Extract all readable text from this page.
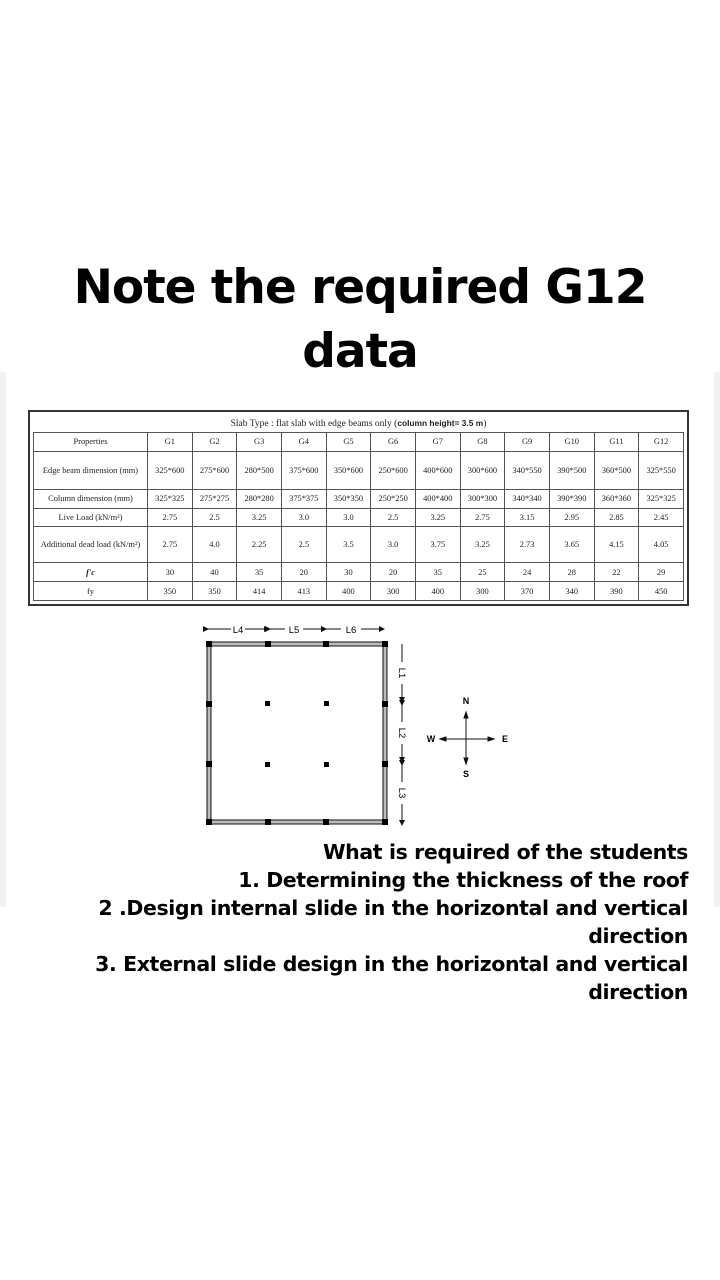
Note the required G12
data
Slab Type : flat slab with edge beams only (column height= 3.5 m)												
Properties	G1	G2	G3	G4	G5	G6	G7	G8	G9	G10	G11	G12
Edge beam dimension (mm)	325*600	275*600	280*500	375*600	350*600	250*600	400*600	300*600	340*550	390*500	360*500	325*550
Column dimension (mm)	325*325	275*275	280*280	375*375	350*350	250*250	400*400	300*300	340*340	390*390	360*360	325*325
Live Load (kN/m²)	2.75	2.5	3.25	3.0	3.0	2.5	3.25	2.75	3.15	2.95	2.85	2.45
Additional dead load (kN/m²)	2.75	4.0	2.25	2.5	3.5	3.0	3.75	3.25	2.73	3.65	4.15	4.05
f'c	30	40	35	20	30	20	35	25	24	28	22	29
fy	350	350	414	413	400	300	400	300	370	340	390	450
L4	L5	L6
L1
L2
L3
N
S
W	E
What is required of the students
1. Determining the thickness of the roof
2 .Design internal slide in the horizontal and vertical
direction
3. External slide design in the horizontal and vertical
direction
